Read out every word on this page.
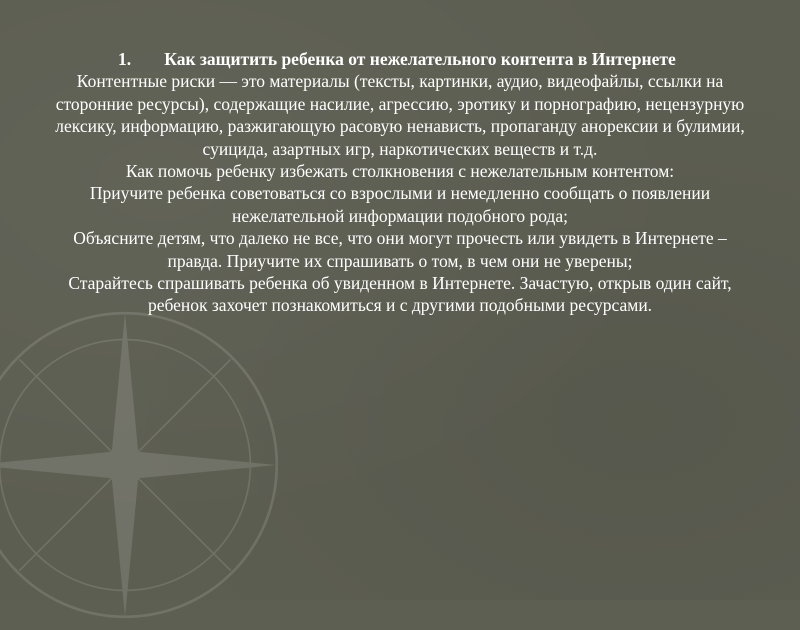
1. Как защитить ребенка от нежелательного контента в Интернете

Контентные риски — это материалы (тексты, картинки, аудио, видеофайлы, ссылки на сторонние ресурсы), содержащие насилие, агрессию, эротику и порнографию, нецензурную лексику, информацию, разжигающую расовую ненависть, пропаганду анорексии и булимии, суицида, азартных игр, наркотических веществ и т.д.

Как помочь ребенку избежать столкновения с нежелательным контентом:

Приучите ребенка советоваться со взрослыми и немедленно сообщать о появлении нежелательной информации подобного рода;

Объясните детям, что далеко не все, что они могут прочесть или увидеть в Интернете – правда. Приучите их спрашивать о том, в чем они не уверены;

Старайтесь спрашивать ребенка об увиденном в Интернете. Зачастую, открыв один сайт, ребенок захочет познакомиться и с другими подобными ресурсами.
